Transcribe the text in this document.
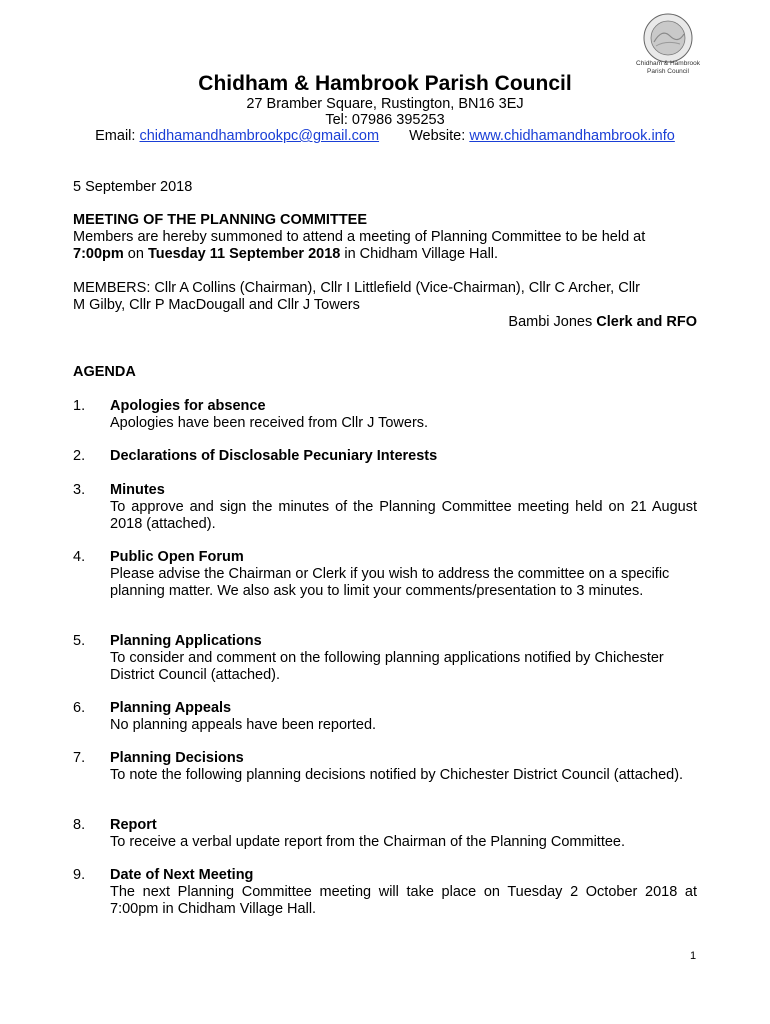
Chidham & Hambrook
Parish Council
Chidham & Hambrook Parish Council
27 Bramber Square, Rustington, BN16 3EJ
Tel: 07986 395253
Email: chidhamandhambrookpc@gmail.com Website: www.chidhamandhambrook.info
5 September 2018
MEETING OF THE PLANNING COMMITTEE
Members are hereby summoned to attend a meeting of Planning Committee to be held at
7:00pm on Tuesday 11 September 2018 in Chidham Village Hall.
MEMBERS: Cllr A Collins (Chairman), Cllr I Littlefield (Vice-Chairman), Cllr C Archer, Cllr
M Gilby, Cllr P MacDougall and Cllr J Towers
Bambi Jones Clerk and RFO
AGENDA
1.	Apologies for absence
Apologies have been received from Cllr J Towers.
2.	Declarations of Disclosable Pecuniary Interests
3.	Minutes
To approve and sign the minutes of the Planning Committee meeting held on 21 August 2018 (attached).
4.	Public Open Forum
Please advise the Chairman or Clerk if you wish to address the committee on a specific planning matter. We also ask you to limit your comments/presentation to 3 minutes.
5.	Planning Applications
To consider and comment on the following planning applications notified by Chichester District Council (attached).
6.	Planning Appeals
No planning appeals have been reported.
7.	Planning Decisions
To note the following planning decisions notified by Chichester District Council (attached).
8.	Report
To receive a verbal update report from the Chairman of the Planning Committee.
9.	Date of Next Meeting
The next Planning Committee meeting will take place on Tuesday 2 October 2018 at 7:00pm in Chidham Village Hall.
1
